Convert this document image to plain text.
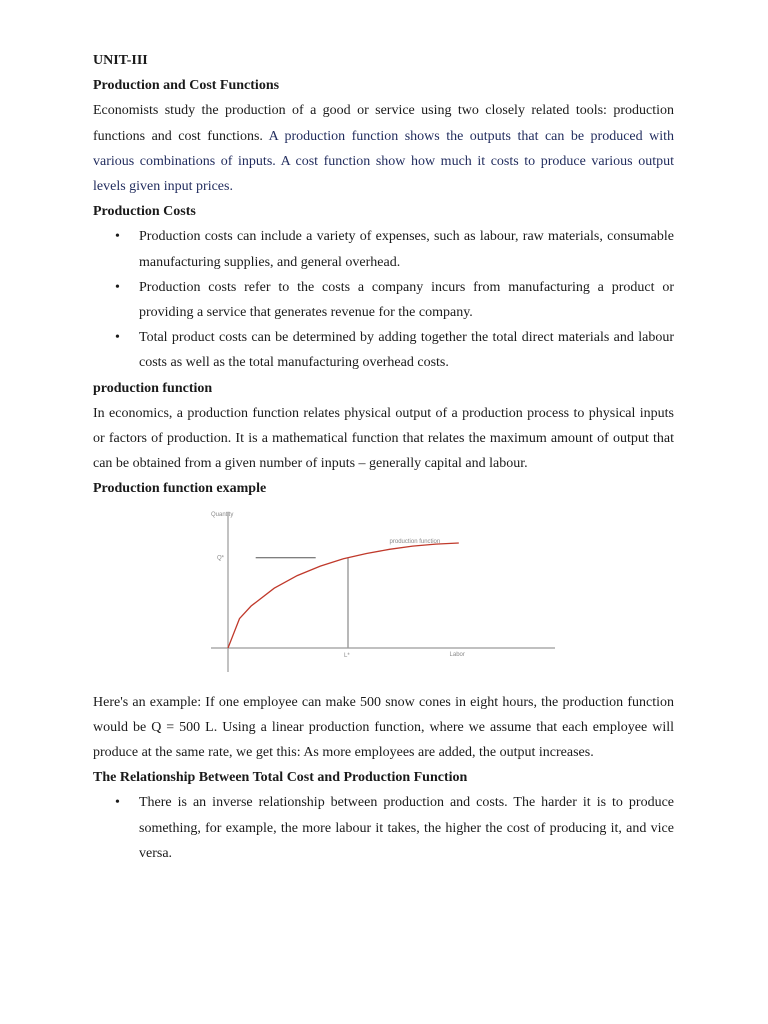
UNIT-III
Production and Cost Functions

Economists study the production of a good or service using two closely related tools: production functions and cost functions. A production function shows the outputs that can be produced with various combinations of inputs. A cost function show how much it costs to produce various output levels given input prices.

Production Costs
• Production costs can include a variety of expenses, such as labour, raw materials, consumable manufacturing supplies, and general overhead.
• Production costs refer to the costs a company incurs from manufacturing a product or providing a service that generates revenue for the company.
• Total product costs can be determined by adding together the total direct materials and labour costs as well as the total manufacturing overhead costs.
production function

In economics, a production function relates physical output of a production process to physical inputs or factors of production. It is a mathematical function that relates the maximum amount of output that can be obtained from a given number of inputs – generally capital and labour.

Production function example
Quantity
Labor
Q*
L*
production function

Here's an example: If one employee can make 500 snow cones in eight hours, the production function would be Q = 500 L. Using a linear production function, where we assume that each employee will produce at the same rate, we get this: As more employees are added, the output increases.

The Relationship Between Total Cost and Production Function
• There is an inverse relationship between production and costs. The harder it is to produce something, for example, the more labour it takes, the higher the cost of producing it, and vice versa.
